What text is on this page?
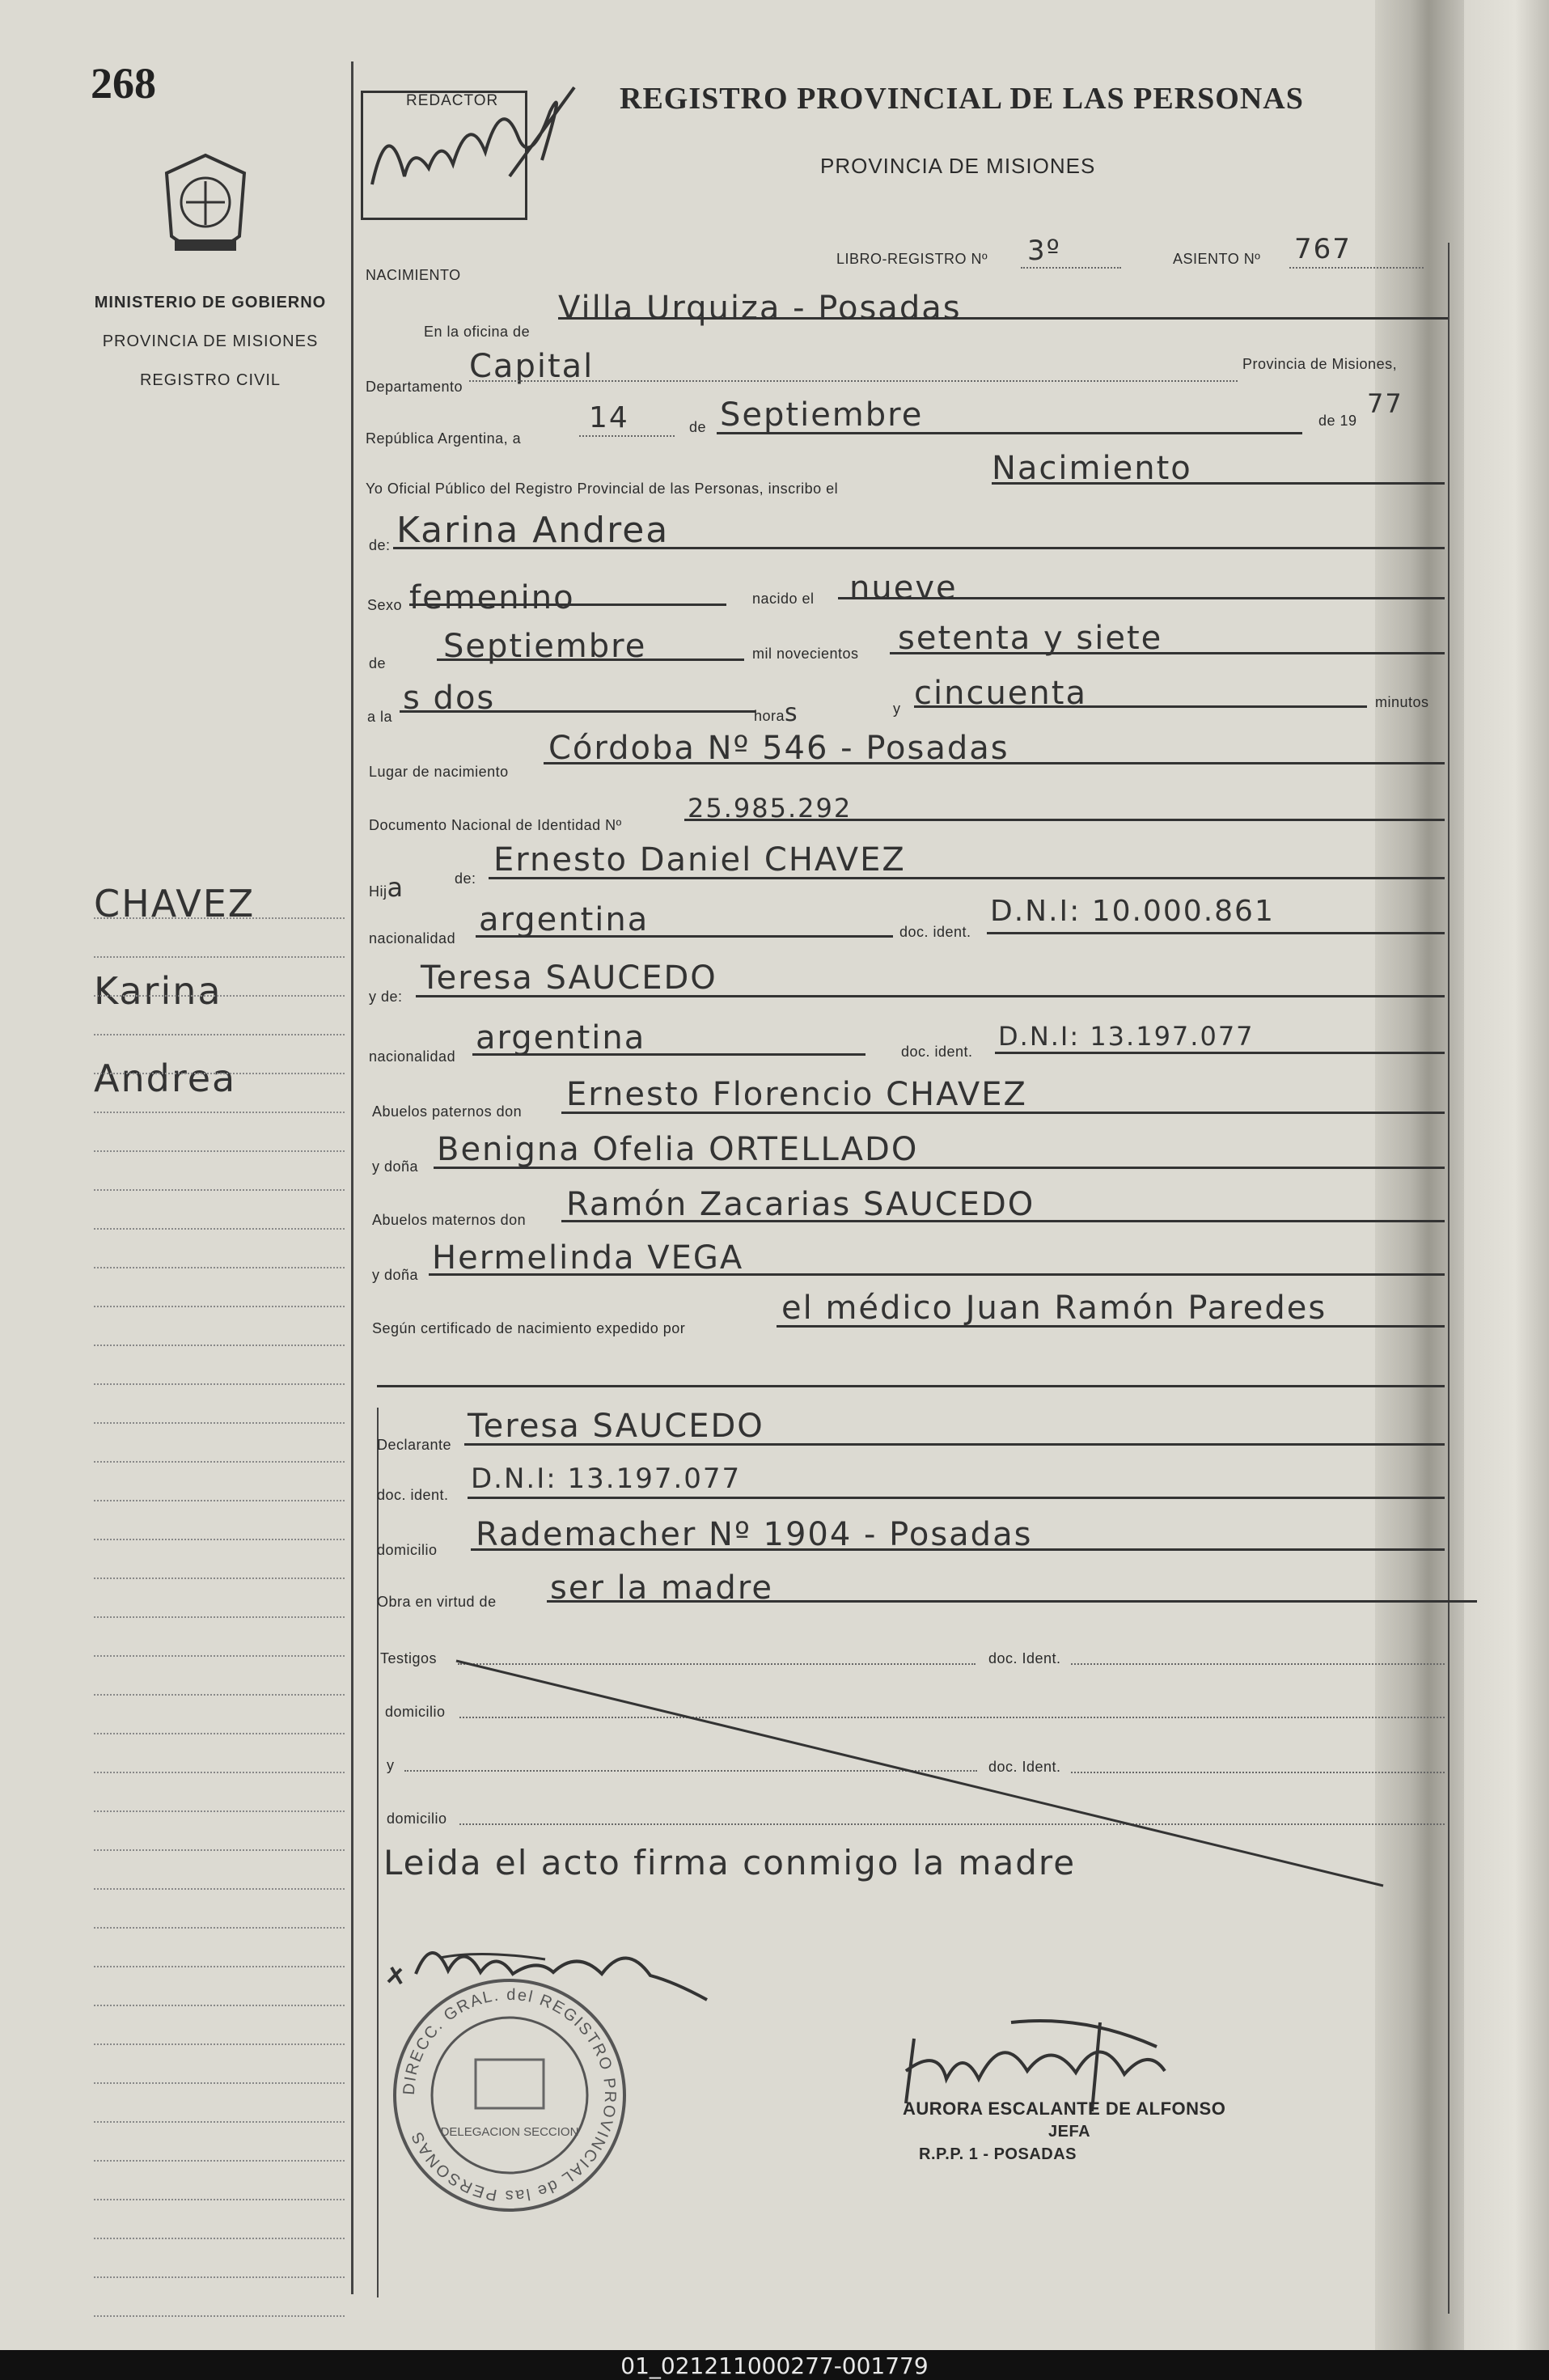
268
MINISTERIO DE GOBIERNO
PROVINCIA DE MISIONES
REGISTRO CIVIL
CHAVEZ
Karina
Andrea
REDACTOR	REGISTRO PROVINCIAL DE LAS PERSONAS
PROVINCIA DE MISIONES
NACIMIENTO
LIBRO-REGISTRO Nº 3º	ASIENTO Nº 767
En la oficina de
Villa Urquiza - Posadas
Departamento
Capital	Provincia de Misiones,
República Argentina, a
14	de Septiembre	de 19
77
Yo Oficial Público del Registro Provincial de las Personas, inscribo el
Nacimiento
de: Karina Andrea
Sexo femenino	nacido el nueve
de Septiembre	mil novecientos setenta y siete
a la s dos	horas	y cincuenta	minutos
Lugar de nacimiento
Córdoba Nº 546 - Posadas
Documento Nacional de Identidad Nº
25.985.292
Hija	de: Ernesto Daniel CHAVEZ
nacionalidad argentina	doc. ident.
D.N.I: 10.000.861
y de: Teresa SAUCEDO
nacionalidad argentina	doc. ident. D.N.I: 13.197.077
Abuelos paternos don Ernesto Florencio CHAVEZ
y doña Benigna Ofelia ORTELLADO
Abuelos maternos don Ramón Zacarias SAUCEDO
y doña Hermelinda VEGA
Según certificado de nacimiento expedido por
el médico Juan Ramón Paredes
Declarante Teresa SAUCEDO
doc. ident. D.N.I: 13.197.077
domicilio Rademacher Nº 1904 - Posadas
Obra en virtud de ser la madre
Testigos	doc. Ident.
domicilio
y	doc. Ident.
domicilio
Leida el acto firma conmigo la madre
DIRECC. GRAL. del REGISTRO PROVINCIAL de las PERSONAS DELEGACION SECCION
AURORA ESCALANTE DE ALFONSO
JEFA
R.P.P. 1 - POSADAS
01_021211000277-001779
